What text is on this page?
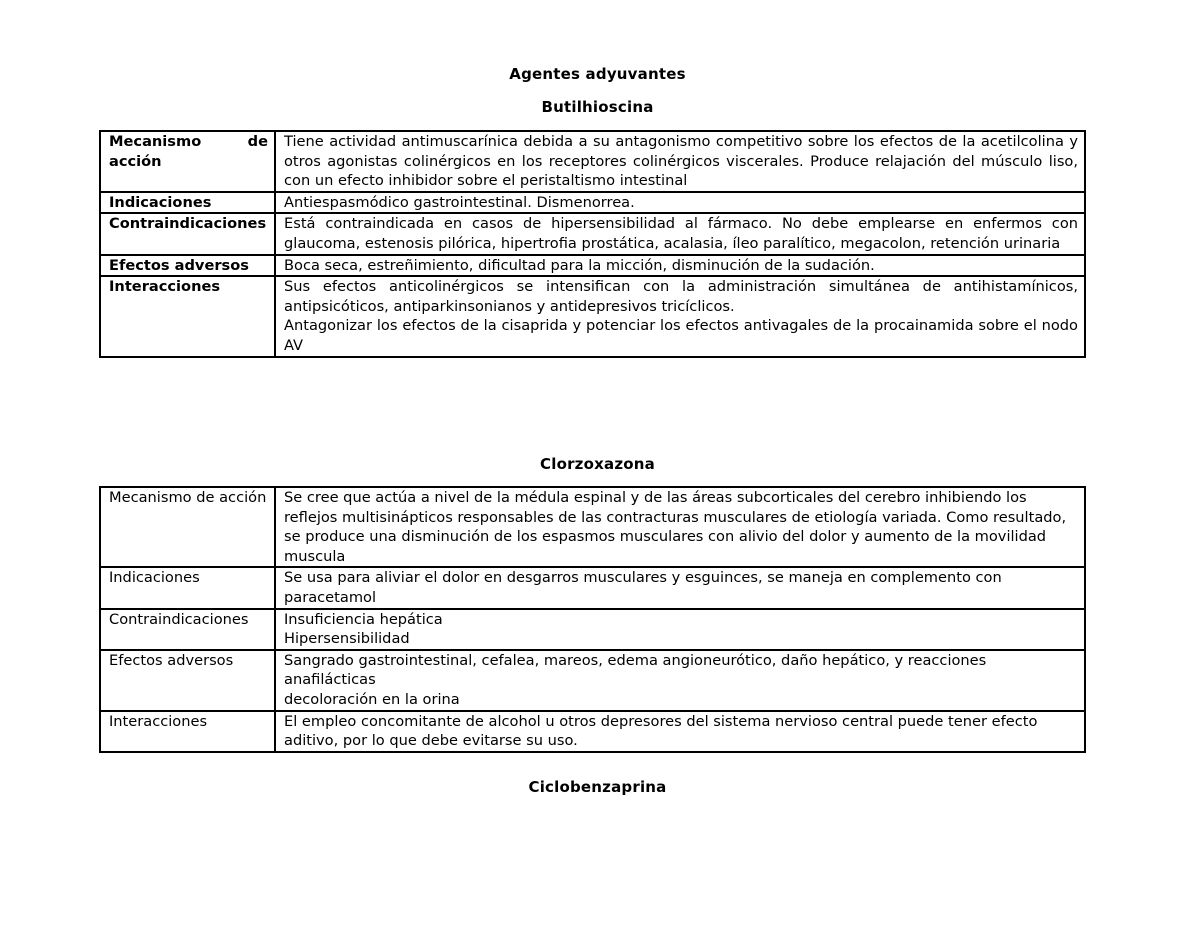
Agentes adyuvantes
Butilhioscina
Mecanismo de acción	Tiene actividad antimuscarínica debida a su antagonismo competitivo sobre los efectos de la acetilcolina y otros agonistas colinérgicos en los receptores colinérgicos viscerales. Produce relajación del músculo liso, con un efecto inhibidor sobre el peristaltismo intestinal

Indicaciones	Antiespasmódico gastrointestinal. Dismenorrea.

Contraindicaciones	Está contraindicada en casos de hipersensibilidad al fármaco. No debe emplearse en enfermos con glaucoma, estenosis pilórica, hipertrofia prostática, acalasia, íleo paralítico, megacolon, retención urinaria

Efectos adversos	Boca seca, estreñimiento, dificultad para la micción, disminución de la sudación.

Interacciones	Sus efectos anticolinérgicos se intensifican con la administración simultánea de antihistamínicos, antipsicóticos, antiparkinsonianos y antidepresivos tricíclicos.
Antagonizar los efectos de la cisaprida y potenciar los efectos antivagales de la procainamida sobre el nodo AV
Clorzoxazona
Mecanismo de acción	Se cree que actúa a nivel de la médula espinal y de las áreas subcorticales del cerebro inhibiendo los reflejos multisinápticos responsables de las contracturas musculares de etiología variada. Como resultado, se produce una disminución de los espasmos musculares con alivio del dolor y aumento de la movilidad muscula

Indicaciones	Se usa para aliviar el dolor en desgarros musculares y esguinces, se maneja en complemento con paracetamol

Contraindicaciones	Insuficiencia hepática
Hipersensibilidad

Efectos adversos	Sangrado gastrointestinal, cefalea, mareos, edema angioneurótico, daño hepático, y reacciones anafilácticas
decoloración en la orina

Interacciones	El empleo concomitante de alcohol u otros depresores del sistema nervioso central puede tener efecto aditivo, por lo que debe evitarse su uso.
Ciclobenzaprina
